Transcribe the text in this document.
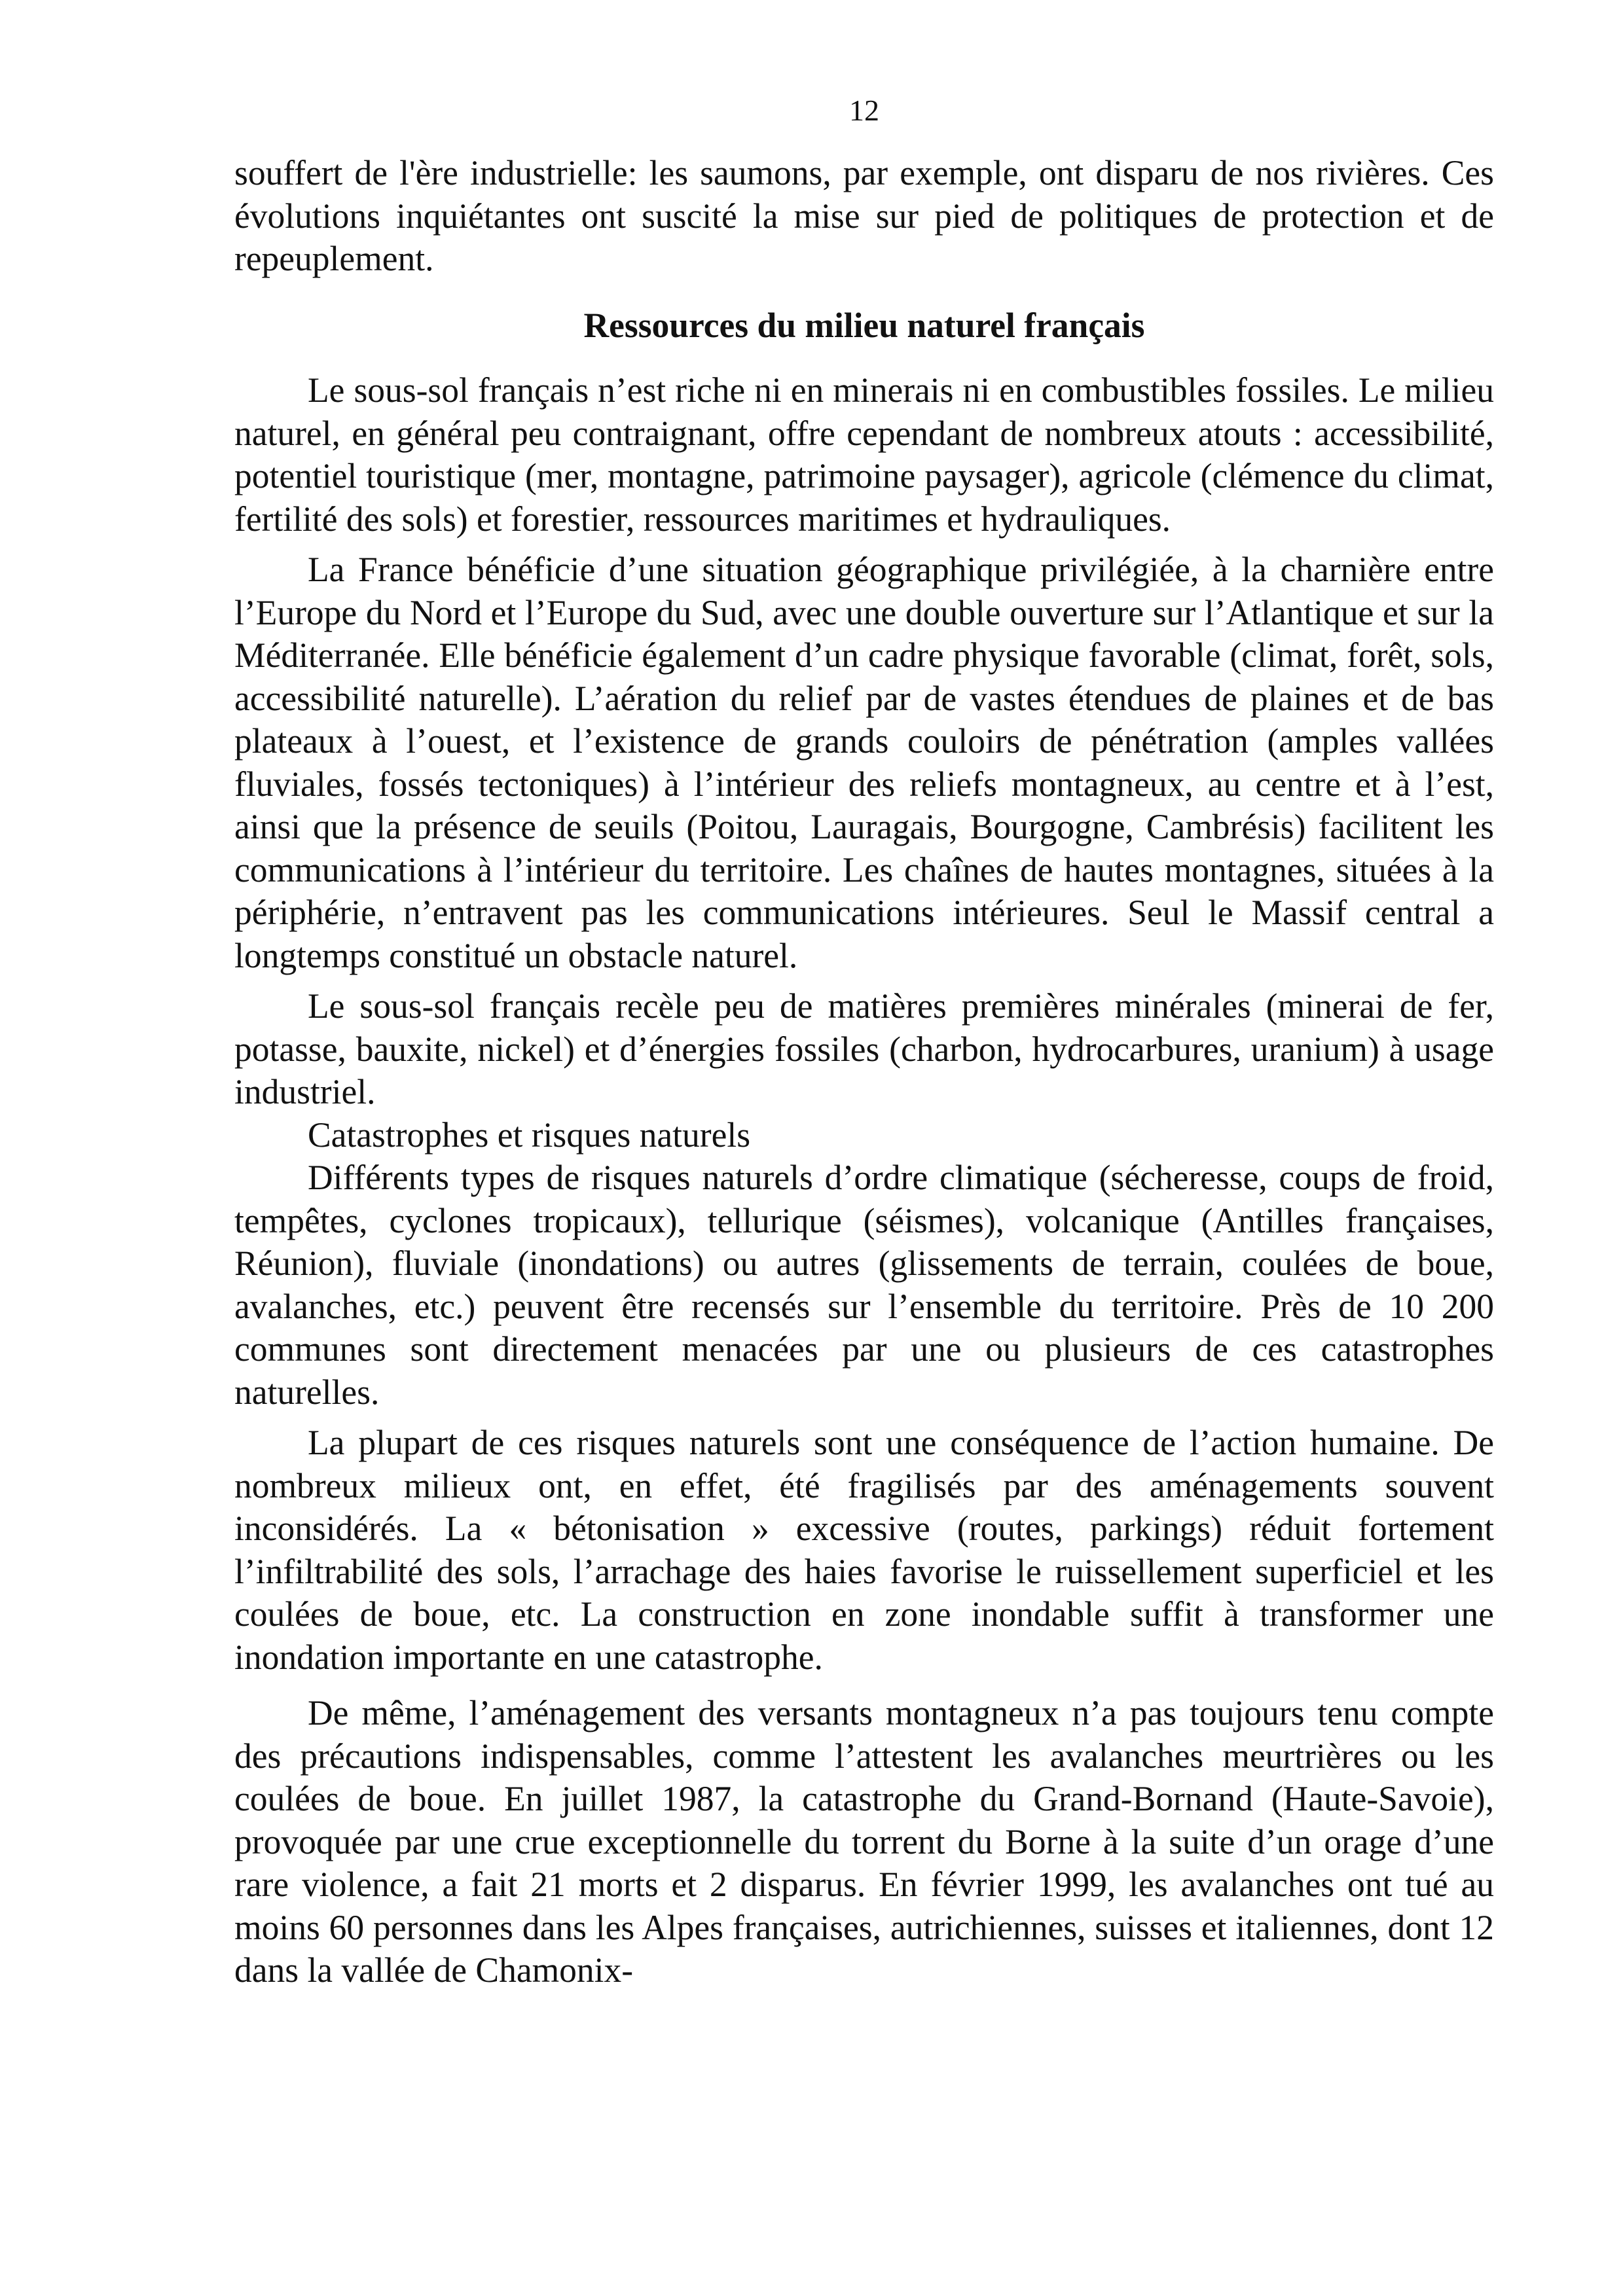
12

souffert de l'ère industrielle: les saumons, par exemple, ont disparu de nos rivières. Ces évolutions inquiétantes ont suscité la mise sur pied de politiques de protection et de repeuplement.

Ressources du milieu naturel français

Le sous-sol français n’est riche ni en minerais ni en combustibles fossiles. Le milieu naturel, en général peu contraignant, offre cependant de nombreux atouts : accessibilité, potentiel touristique (mer, montagne, patrimoine paysager), agricole (clémence du climat, fertilité des sols) et forestier, ressources maritimes et hydrauliques.

La France bénéficie d’une situation géographique privilégiée, à la charnière entre l’Europe du Nord et l’Europe du Sud, avec une double ouverture sur l’Atlantique et sur la Méditerranée. Elle bénéficie également d’un cadre physique favorable (climat, forêt, sols, accessibilité naturelle). L’aération du relief par de vastes étendues de plaines et de bas plateaux à l’ouest, et l’existence de grands couloirs de pénétration (amples vallées fluviales, fossés tectoniques) à l’intérieur des reliefs montagneux, au centre et à l’est, ainsi que la présence de seuils (Poitou, Lauragais, Bourgogne, Cambrésis) facilitent les communications à l’intérieur du territoire. Les chaînes de hautes montagnes, situées à la périphérie, n’entravent pas les communications intérieures. Seul le Massif central a longtemps constitué un obstacle naturel.

Le sous-sol français recèle peu de matières premières minérales (minerai de fer, potasse, bauxite, nickel) et d’énergies fossiles (charbon, hydrocarbures, uranium) à usage industriel.

Catastrophes et risques naturels

Différents types de risques naturels d’ordre climatique (sécheresse, coups de froid, tempêtes, cyclones tropicaux), tellurique (séismes), volcanique (Antilles françaises, Réunion), fluviale (inondations) ou autres (glissements de terrain, coulées de boue, avalanches, etc.) peuvent être recensés sur l’ensemble du territoire. Près de 10 200 communes sont directement menacées par une ou plusieurs de ces catastrophes naturelles.

La plupart de ces risques naturels sont une conséquence de l’action humaine. De nombreux milieux ont, en effet, été fragilisés par des aménagements souvent inconsidérés. La « bétonisation » excessive (routes, parkings) réduit fortement l’infiltrabilité des sols, l’arrachage des haies favorise le ruissellement superficiel et les coulées de boue, etc. La construction en zone inondable suffit à transformer une inondation importante en une catastrophe.

De même, l’aménagement des versants montagneux n’a pas toujours tenu compte des précautions indispensables, comme l’attestent les avalanches meurtrières ou les coulées de boue. En juillet 1987, la catastrophe du Grand-Bornand (Haute-Savoie), provoquée par une crue exceptionnelle du torrent du Borne à la suite d’un orage d’une rare violence, a fait 21 morts et 2 disparus. En février 1999, les avalanches ont tué au moins 60 personnes dans les Alpes françaises, autrichiennes, suisses et italiennes, dont 12 dans la vallée de Chamonix-
